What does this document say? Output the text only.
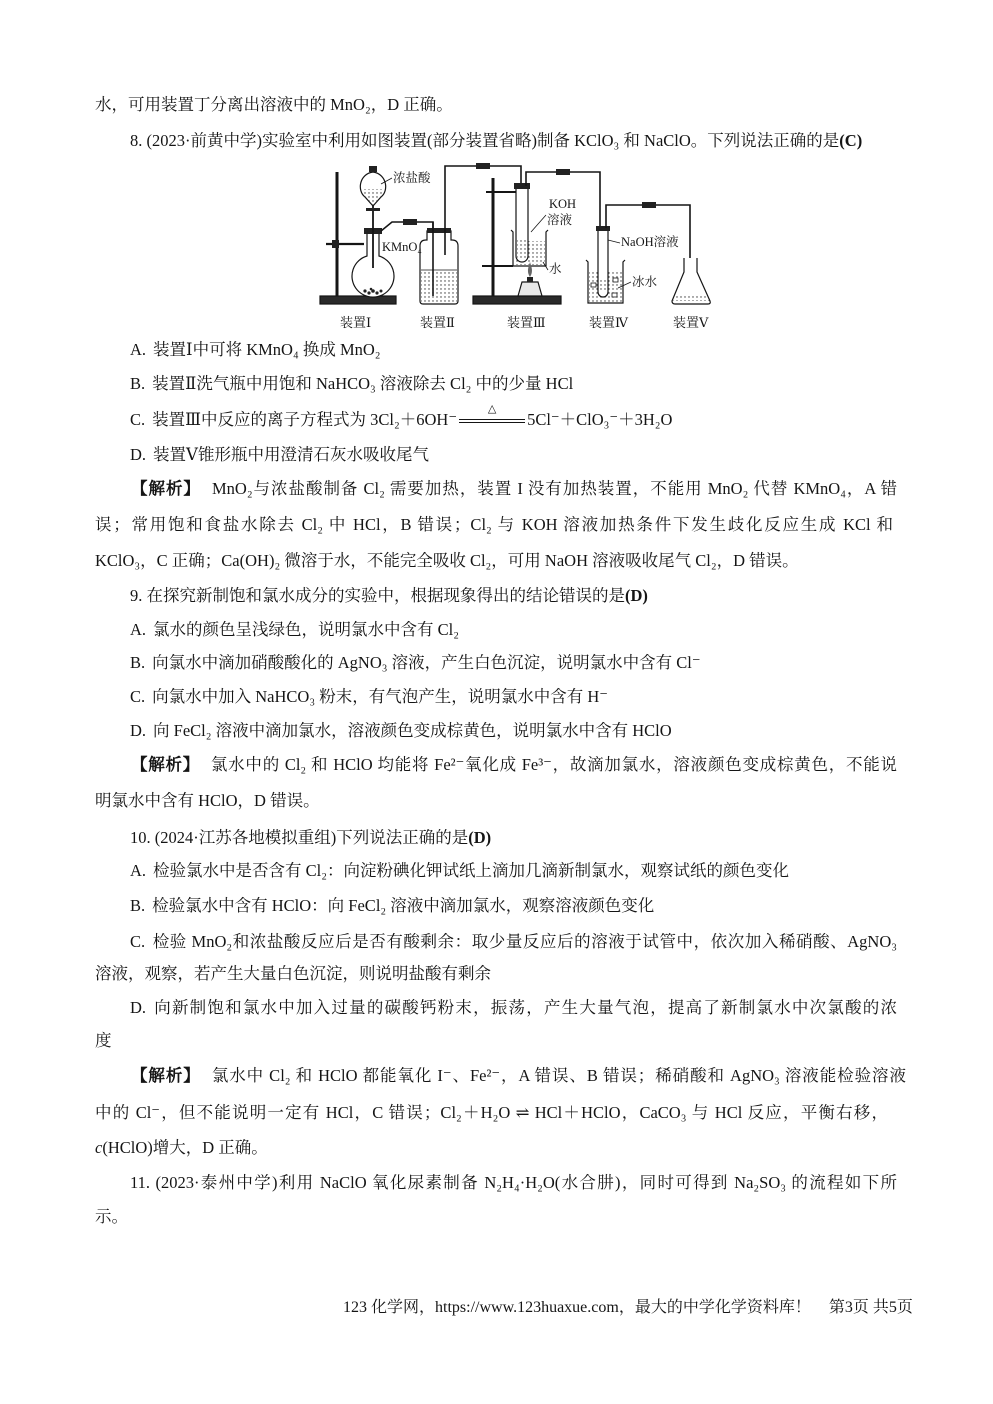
水，可用装置丁分离出溶液中的 MnO₂，D 正确。
8. (2023·前黄中学)实验室中利用如图装置(部分装置省略)制备 KClO₃ 和 NaClO。下列说法正确的是(C)
浓盐酸
KMnO₄
KOH
溶液
水
NaOH溶液
冰水
装置Ⅰ	装置Ⅱ	装置Ⅲ	装置Ⅳ	装置Ⅴ
A. 装置Ⅰ中可将 KMnO₄ 换成 MnO₂
B. 装置Ⅱ洗气瓶中用饱和 NaHCO₃ 溶液除去 Cl₂ 中的少量 HCl
C. 装置Ⅲ中反应的离子方程式为 3Cl₂＋6OH⁻
△
5Cl⁻＋ClO₃⁻＋3H₂O
D. 装置Ⅴ锥形瓶中用澄清石灰水吸收尾气
【解析】 MnO₂与浓盐酸制备 Cl₂ 需要加热，装置 I 没有加热装置，不能用 MnO₂ 代替 KMnO₄，A 错
误；常用饱和食盐水除去 Cl₂ 中 HCl，B 错误；Cl₂ 与 KOH 溶液加热条件下发生歧化反应生成 KCl 和
KClO₃，C 正确；Ca(OH)₂ 微溶于水，不能完全吸收 Cl₂，可用 NaOH 溶液吸收尾气 Cl₂，D 错误。
9. 在探究新制饱和氯水成分的实验中，根据现象得出的结论错误的是(D)
A. 氯水的颜色呈浅绿色，说明氯水中含有 Cl₂
B. 向氯水中滴加硝酸酸化的 AgNO₃ 溶液，产生白色沉淀，说明氯水中含有 Cl⁻
C. 向氯水中加入 NaHCO₃ 粉末，有气泡产生，说明氯水中含有 H⁻
D. 向 FeCl₂ 溶液中滴加氯水，溶液颜色变成棕黄色，说明氯水中含有 HClO
【解析】 氯水中的 Cl₂ 和 HClO 均能将 Fe²⁻氧化成 Fe³⁻，故滴加氯水，溶液颜色变成棕黄色，不能说
明氯水中含有 HClO，D 错误。
10. (2024·江苏各地模拟重组)下列说法正确的是(D)
A. 检验氯水中是否含有 Cl₂：向淀粉碘化钾试纸上滴加几滴新制氯水，观察试纸的颜色变化
B. 检验氯水中含有 HClO：向 FeCl₂ 溶液中滴加氯水，观察溶液颜色变化
C. 检验 MnO₂和浓盐酸反应后是否有酸剩余：取少量反应后的溶液于试管中，依次加入稀硝酸、AgNO₃
溶液，观察，若产生大量白色沉淀，则说明盐酸有剩余
D. 向新制饱和氯水中加入过量的碳酸钙粉末，振荡，产生大量气泡，提高了新制氯水中次氯酸的浓
度
【解析】 氯水中 Cl₂ 和 HClO 都能氧化 I⁻、Fe²⁻，A 错误、B 错误；稀硝酸和 AgNO₃ 溶液能检验溶液
中的 Cl⁻，但不能说明一定有 HCl，C 错误；Cl₂＋H₂O ⇌ HCl＋HClO，CaCO₃ 与 HCl 反应，平衡右移，
c(HClO)增大，D 正确。
11. (2023·泰州中学)利用 NaClO 氧化尿素制备 N₂H₄·H₂O(水合肼)，同时可得到 Na₂SO₃ 的流程如下所
示。
123 化学网，https://www.123huaxue.com，最大的中学化学资料库！ 第3页 共5页
